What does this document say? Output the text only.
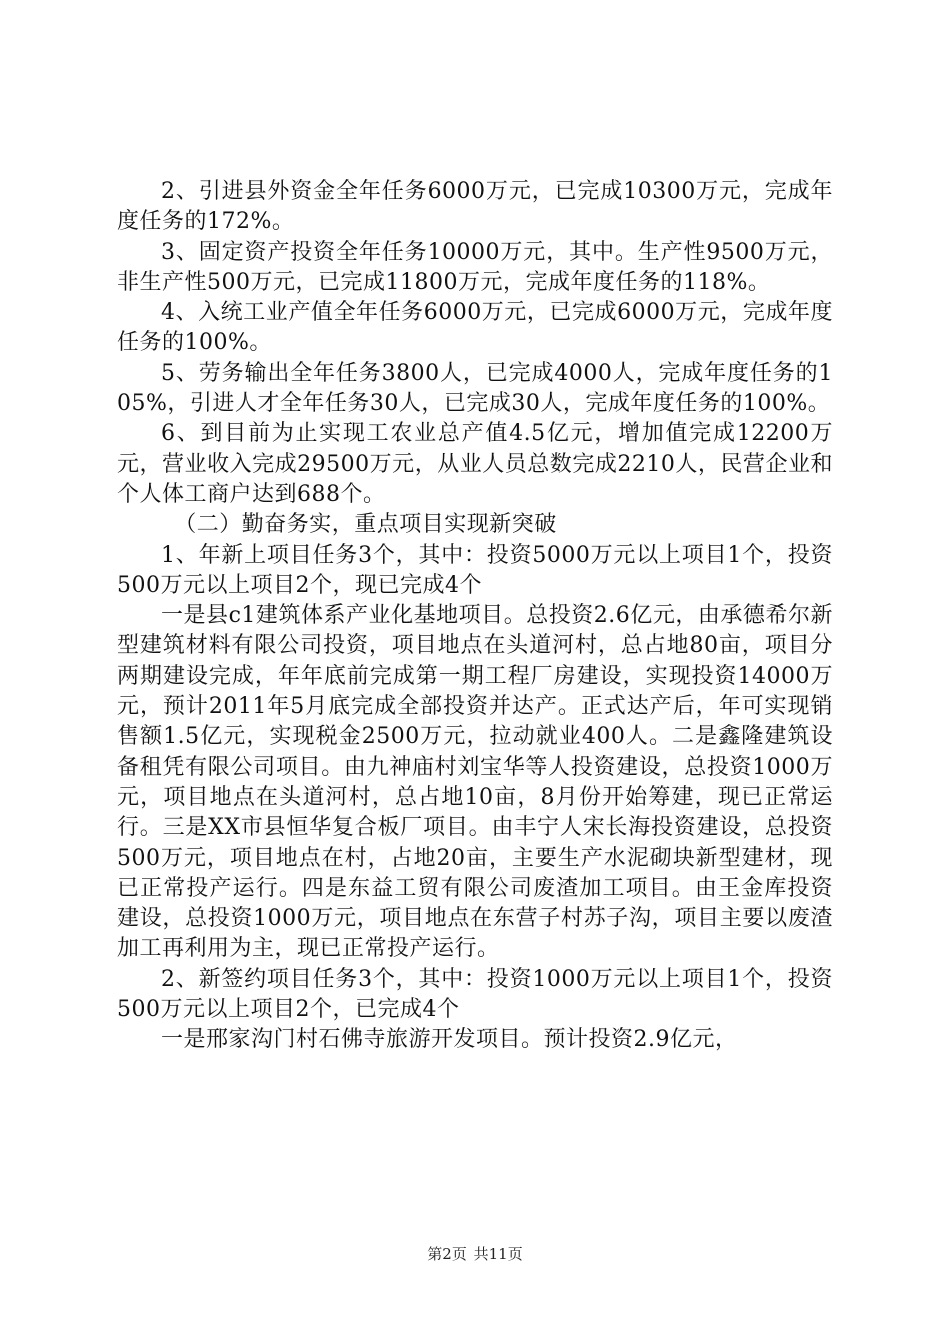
2、引进县外资金全年任务6000万元，已完成10300万元，完成年度任务的172%。

3、固定资产投资全年任务10000万元，其中。生产性9500万元，非生产性500万元，已完成11800万元，完成年度任务的118%。

4、入统工业产值全年任务6000万元，已完成6000万元，完成年度任务的100%。

5、劳务输出全年任务3800人，已完成4000人，完成年度任务的105%，引进人才全年任务30人，已完成30人，完成年度任务的100%。

6、到目前为止实现工农业总产值4.5亿元，增加值完成12200万元，营业收入完成29500万元，从业人员总数完成2210人，民营企业和个人体工商户达到688个。

（二）勤奋务实，重点项目实现新突破

1、年新上项目任务3个，其中：投资5000万元以上项目1个，投资500万元以上项目2个，现已完成4个

一是县c1建筑体系产业化基地项目。总投资2.6亿元，由承德希尔新型建筑材料有限公司投资，项目地点在头道河村，总占地80亩，项目分两期建设完成，年年底前完成第一期工程厂房建设，实现投资14000万元，预计2011年5月底完成全部投资并达产。正式达产后，年可实现销售额1.5亿元，实现税金2500万元，拉动就业400人。二是鑫隆建筑设备租凭有限公司项目。由九神庙村刘宝华等人投资建设，总投资1000万元，项目地点在头道河村，总占地10亩，8月份开始筹建，现已正常运行。三是XX市县恒华复合板厂项目。由丰宁人宋长海投资建设，总投资500万元，项目地点在村，占地20亩，主要生产水泥砌块新型建材，现已正常投产运行。四是东益工贸有限公司废渣加工项目。由王金库投资建设，总投资1000万元，项目地点在东营子村苏子沟，项目主要以废渣加工再利用为主，现已正常投产运行。

2、新签约项目任务3个，其中：投资1000万元以上项目1个，投资500万元以上项目2个，已完成4个

一是邢家沟门村石佛寺旅游开发项目。预计投资2.9亿元，

第2页 共11页
